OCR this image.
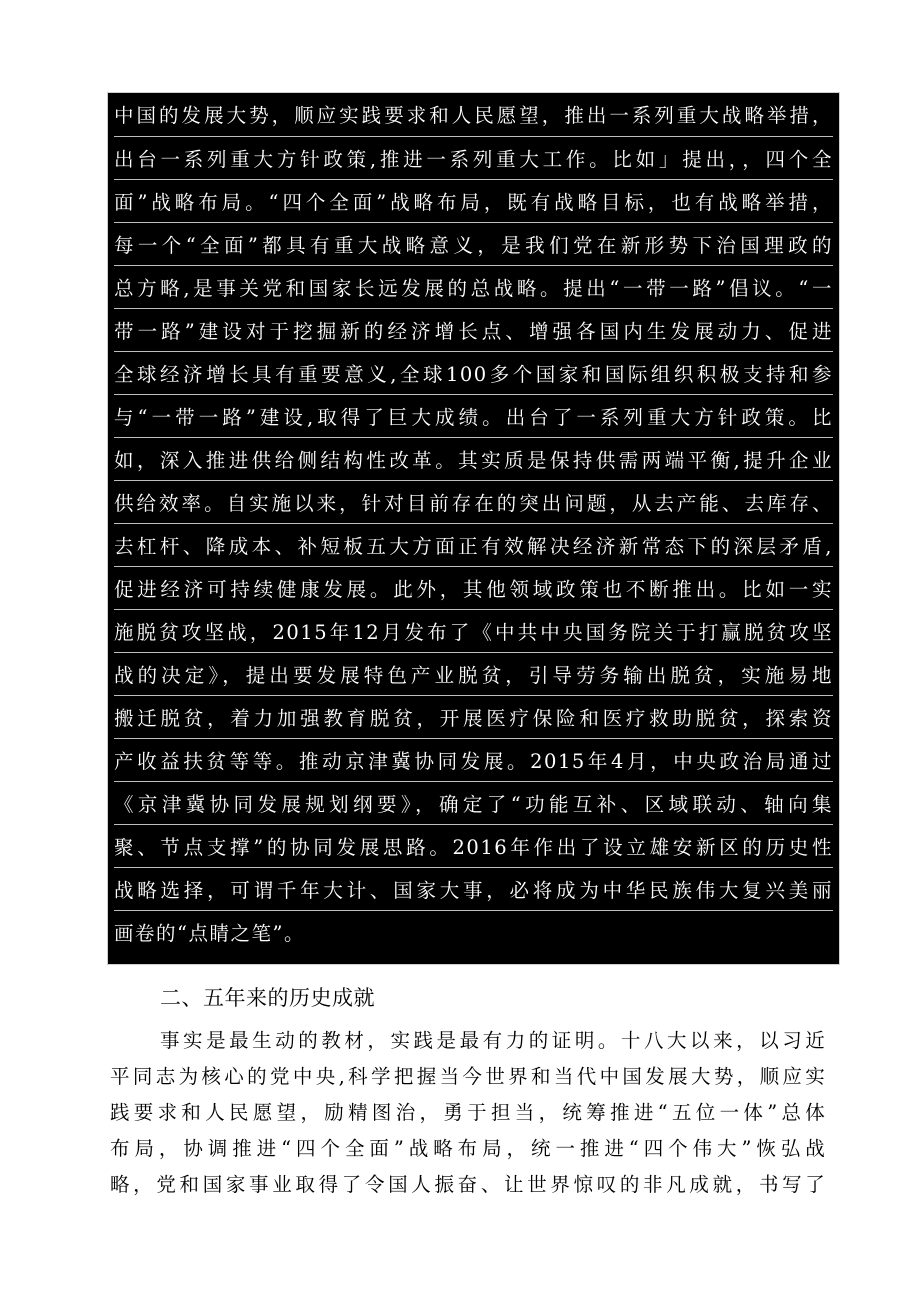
中国的发展大势，顺应实践要求和人民愿望，推出一系列重大战略举措，
出台一系列重大方针政策,推进一系列重大工作。比如」提出，，四个全
面”战略布局。“四个全面”战略布局，既有战略目标，也有战略举措，
每一个“全面”都具有重大战略意义，是我们党在新形势下治国理政的
总方略,是事关党和国家长远发展的总战略。提出“一带一路”倡议。“一
带一路”建设对于挖掘新的经济增长点、增强各国内生发展动力、促进
全球经济增长具有重要意义,全球100多个国家和国际组织积极支持和参
与“一带一路”建设,取得了巨大成绩。出台了一系列重大方针政策。比
如，深入推进供给侧结构性改革。其实质是保持供需两端平衡,提升企业
供给效率。自实施以来，针对目前存在的突出问题，从去产能、去库存、
去杠杆、降成本、补短板五大方面正有效解决经济新常态下的深层矛盾,
促进经济可持续健康发展。此外，其他领域政策也不断推出。比如一实
施脱贫攻坚战，2015年12月发布了《中共中央国务院关于打赢脱贫攻坚
战的决定》，提出要发展特色产业脱贫，引导劳务输出脱贫，实施易地
搬迁脱贫，着力加强教育脱贫，开展医疗保险和医疗救助脱贫，探索资
产收益扶贫等等。推动京津冀协同发展。2015年4月，中央政治局通过
《京津冀协同发展规划纲要》，确定了“功能互补、区域联动、轴向集
聚、节点支撑”的协同发展思路。2016年作出了设立雄安新区的历史性
战略选择，可谓千年大计、国家大事，必将成为中华民族伟大复兴美丽
画卷的“点睛之笔”。
二、五年来的历史成就
事实是最生动的教材，实践是最有力的证明。十八大以来，以习近
平同志为核心的党中央,科学把握当今世界和当代中国发展大势，顺应实
践要求和人民愿望，励精图治，勇于担当，统筹推进“五位一体”总体
布局，协调推进“四个全面”战略布局，统一推进“四个伟大”恢弘战
略，党和国家事业取得了令国人振奋、让世界惊叹的非凡成就，书写了
